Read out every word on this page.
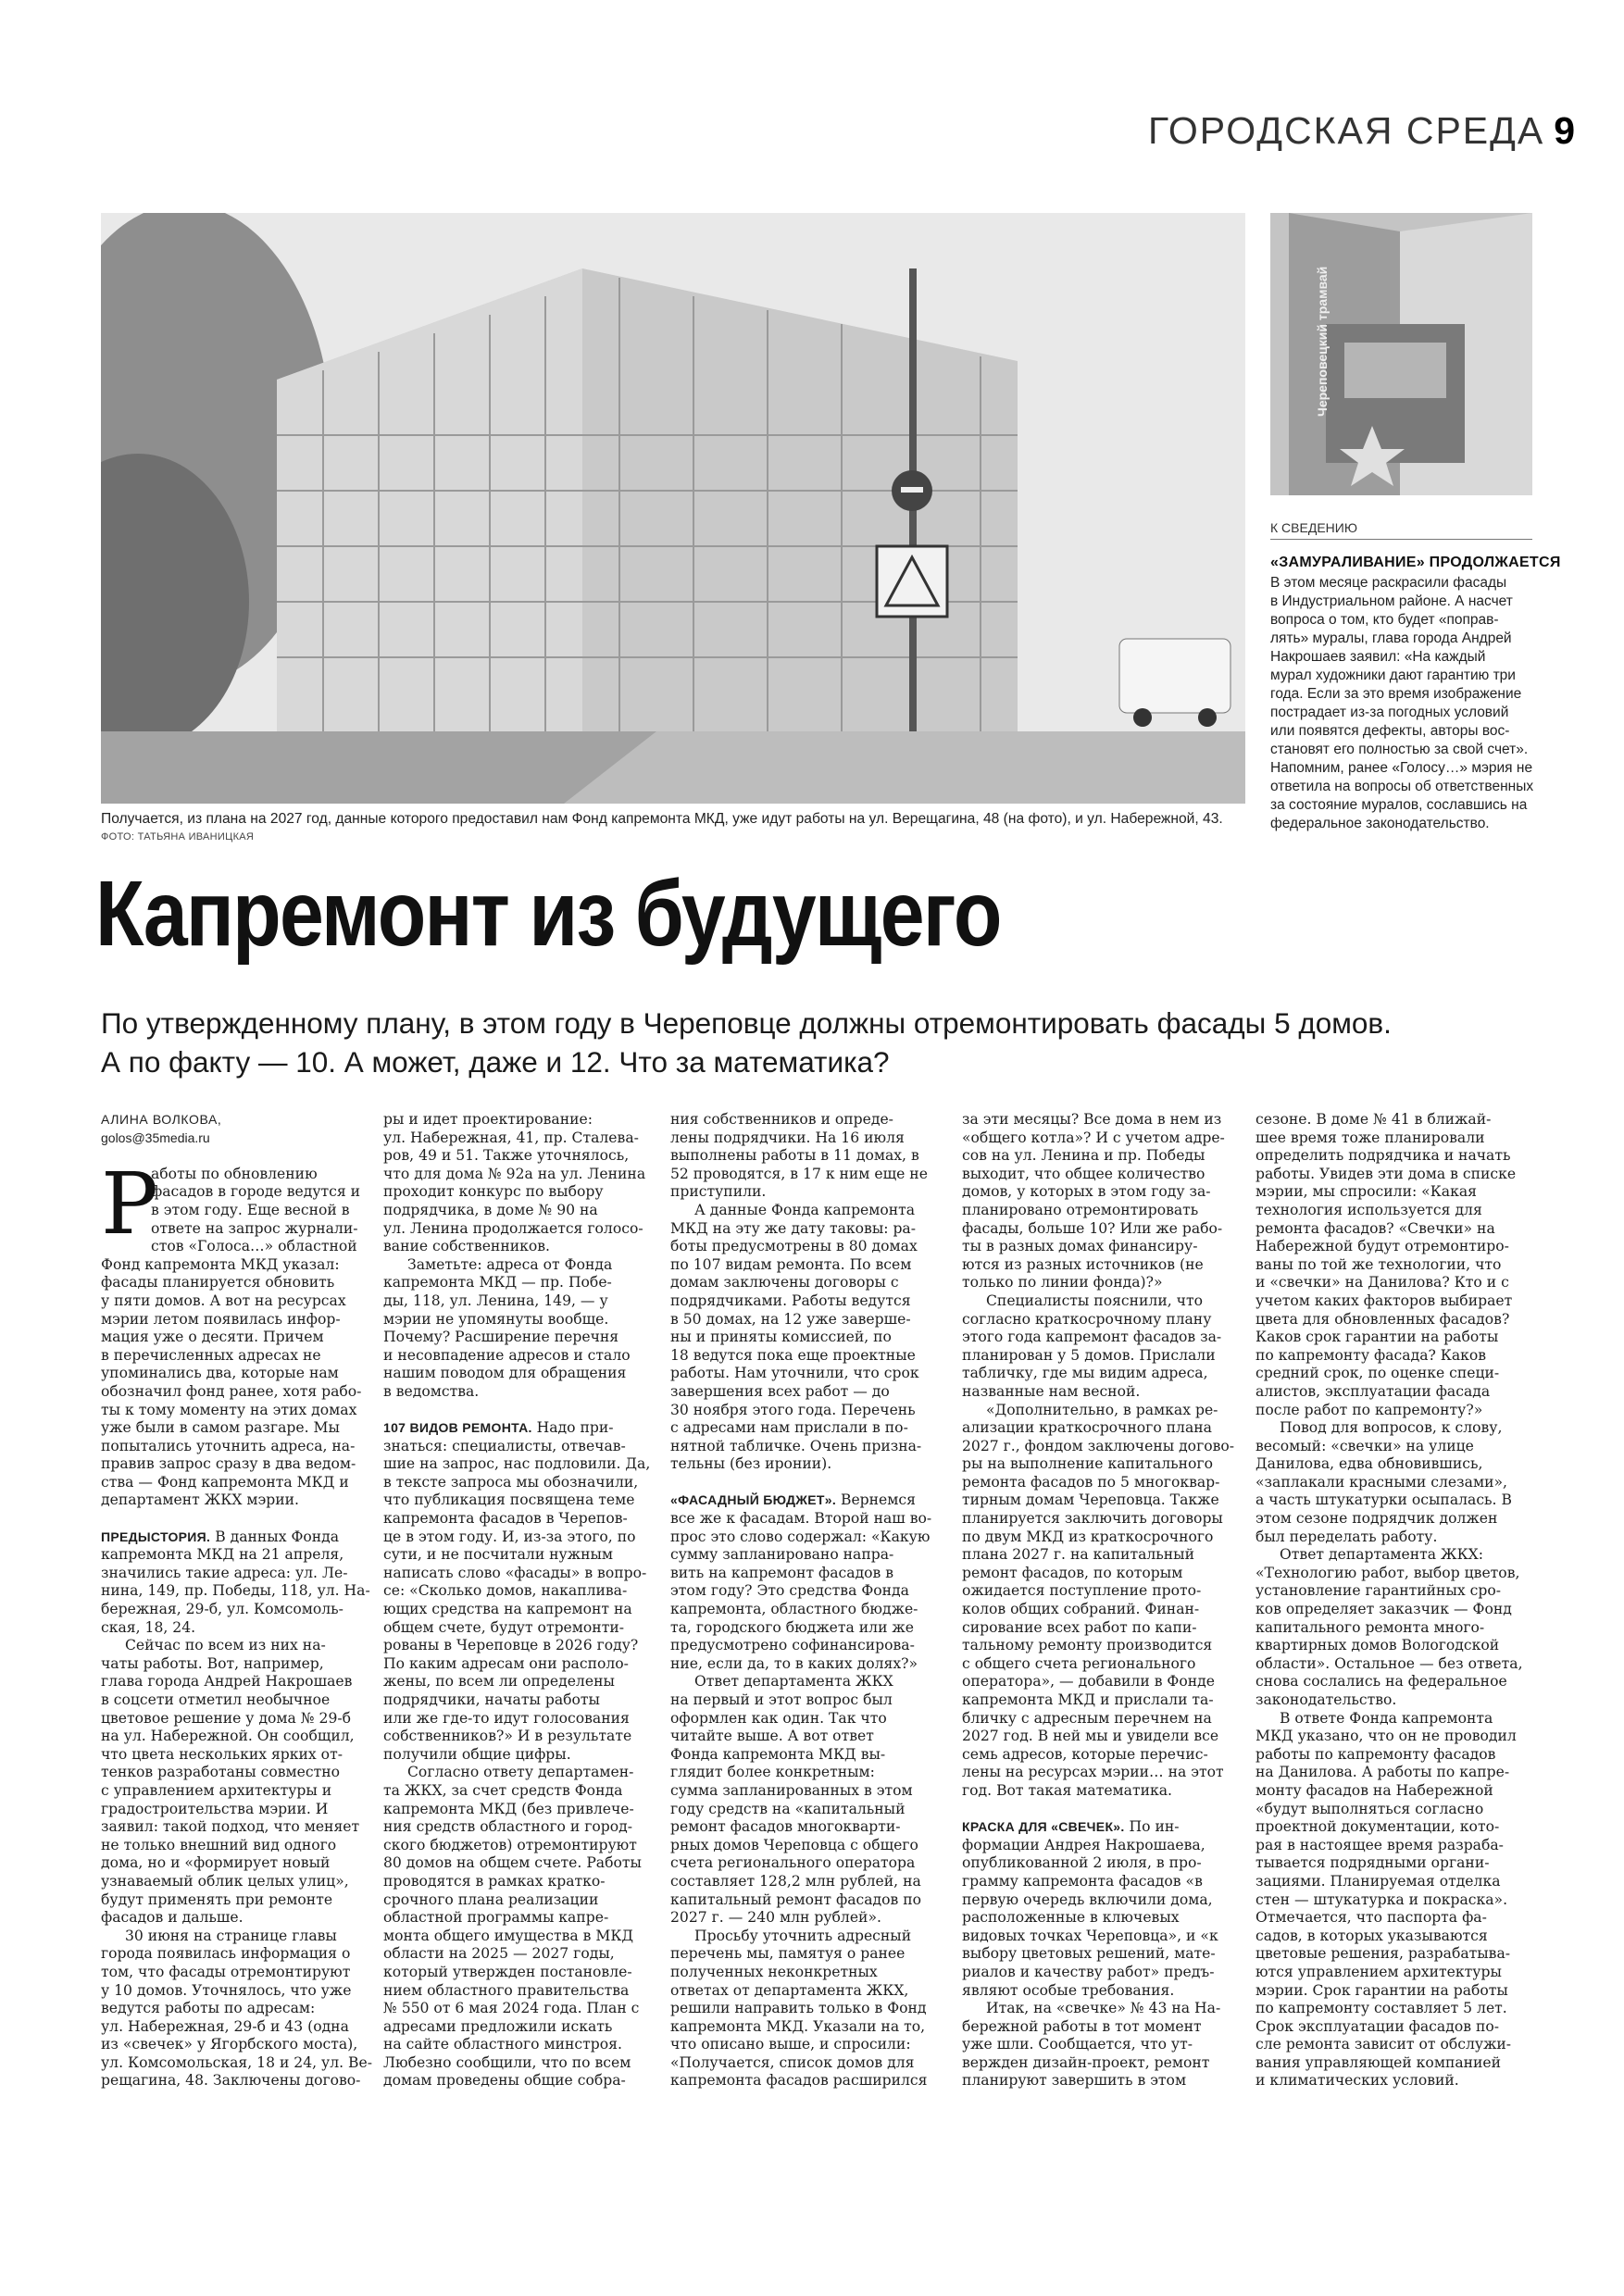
ГОРОДСКАЯ СРЕДА 9
Череповецкий трамвай
Получается, из плана на 2027 год, данные которого предоставил нам Фонд капремонта МКД, уже идут работы на ул. Верещагина, 48 (на фото), и ул. Набережной, 43.
ФОТО: ТАТЬЯНА ИВАНИЦКАЯ
К СВЕДЕНИЮ
«ЗАМУРАЛИВАНИЕ» ПРОДОЛЖАЕТСЯ
В этом месяце раскрасили фасады
в Индустриальном районе. А насчет
вопроса о том, кто будет «поправ-
лять» муралы, глава города Андрей
Накрошаев заявил: «На каждый
мурал художники дают гарантию три
года. Если за это время изображение
пострадает из-за погодных условий
или появятся дефекты, авторы вос-
становят его полностью за свой счет».
Напомним, ранее «Голосу…» мэрия не
ответила на вопросы об ответственных
за состояние муралов, сославшись на
федеральное законодательство.
Капремонт из будущего
По утвержденному плану, в этом году в Череповце должны отремонтировать фасады 5 домов.
А по факту — 10. А может, даже и 12. Что за математика?
АЛИНА ВОЛКОВА,
golos@35media.ru
Р
аботы по обновлению
фасадов в городе ведутся и
в этом году. Еще весной в
ответе на запрос журнали-
стов «Голоса…» областной
Фонд капремонта МКД указал:
фасады планируется обновить
у пяти домов. А вот на ресурсах
мэрии летом появилась инфор-
мация уже о десяти. Причем
в перечисленных адресах не
упоминались два, которые нам
обозначил фонд ранее, хотя рабо-
ты к тому моменту на этих домах
уже были в самом разгаре. Мы
попытались уточнить адреса, на-
правив запрос сразу в два ведом-
ства — Фонд капремонта МКД и
департамент ЖКХ мэрии.
ПРЕДЫСТОРИЯ. В данных Фонда
капремонта МКД на 21 апреля,
значились такие адреса: ул. Ле-
нина, 149, пр. Победы, 118, ул. На-
бережная, 29-б, ул. Комсомоль-
ская, 18, 24.
Сейчас по всем из них на-
чаты работы. Вот, например,
глава города Андрей Накрошаев
в соцсети отметил необычное
цветовое решение у дома № 29-б
на ул. Набережной. Он сообщил,
что цвета нескольких ярких от-
тенков разработаны совместно
с управлением архитектуры и
градостроительства мэрии. И
заявил: такой подход, что меняет
не только внешний вид одного
дома, но и «формирует новый
узнаваемый облик целых улиц»,
будут применять при ремонте
фасадов и дальше.
30 июня на странице главы
города появилась информация о
том, что фасады отремонтируют
у 10 домов. Уточнялось, что уже
ведутся работы по адресам:
ул. Набережная, 29-б и 43 (одна
из «свечек» у Ягорбского моста),
ул. Комсомольская, 18 и 24, ул. Ве-
рещагина, 48. Заключены догово-
ры и идет проектирование:
ул. Набережная, 41, пр. Сталева-
ров, 49 и 51. Также уточнялось,
что для дома № 92а на ул. Ленина
проходит конкурс по выбору
подрядчика, в доме № 90 на
ул. Ленина продолжается голосо-
вание собственников.
Заметьте: адреса от Фонда
капремонта МКД — пр. Побе-
ды, 118, ул. Ленина, 149, — у
мэрии не упомянуты вообще.
Почему? Расширение перечня
и несовпадение адресов и стало
нашим поводом для обращения
в ведомства.
107 ВИДОВ РЕМОНТА. Надо при-
знаться: специалисты, отвечав-
шие на запрос, нас подловили. Да,
в тексте запроса мы обозначили,
что публикация посвящена теме
капремонта фасадов в Черепов-
це в этом году. И, из-за этого, по
сути, и не посчитали нужным
написать слово «фасады» в вопро-
се: «Сколько домов, накаплива-
ющих средства на капремонт на
общем счете, будут отремонти-
рованы в Череповце в 2026 году?
По каким адресам они располо-
жены, по всем ли определены
подрядчики, начаты работы
или же где-то идут голосования
собственников?» И в результате
получили общие цифры.
Согласно ответу департамен-
та ЖКХ, за счет средств Фонда
капремонта МКД (без привлече-
ния средств областного и город-
ского бюджетов) отремонтируют
80 домов на общем счете. Работы
проводятся в рамках кратко-
срочного плана реализации
областной программы капре-
монта общего имущества в МКД
области на 2025 — 2027 годы,
который утвержден постановле-
нием областного правительства
№ 550 от 6 мая 2024 года. План с
адресами предложили искать
на сайте областного минстроя.
Любезно сообщили, что по всем
домам проведены общие собра-
ния собственников и опреде-
лены подрядчики. На 16 июля
выполнены работы в 11 домах, в
52 проводятся, в 17 к ним еще не
приступили.
А данные Фонда капремонта
МКД на эту же дату таковы: ра-
боты предусмотрены в 80 домах
по 107 видам ремонта. По всем
домам заключены договоры с
подрядчиками. Работы ведутся
в 50 домах, на 12 уже заверше-
ны и приняты комиссией, по
18 ведутся пока еще проектные
работы. Нам уточнили, что срок
завершения всех работ — до
30 ноября этого года. Перечень
с адресами нам прислали в по-
нятной табличке. Очень призна-
тельны (без иронии).
«ФАСАДНЫЙ БЮДЖЕТ». Вернемся
все же к фасадам. Второй наш во-
прос это слово содержал: «Какую
сумму запланировано напра-
вить на капремонт фасадов в
этом году? Это средства Фонда
капремонта, областного бюдже-
та, городского бюджета или же
предусмотрено софинансирова-
ние, если да, то в каких долях?»
Ответ департамента ЖКХ
на первый и этот вопрос был
оформлен как один. Так что
читайте выше. А вот ответ
Фонда капремонта МКД вы-
глядит более конкретным:
сумма запланированных в этом
году средств на «капитальный
ремонт фасадов многокварти-
рных домов Череповца с общего
счета регионального оператора
составляет 128,2 млн рублей, на
капитальный ремонт фасадов по
2027 г. — 240 млн рублей».
Просьбу уточнить адресный
перечень мы, памятуя о ранее
полученных неконкретных
ответах от департамента ЖКХ,
решили направить только в Фонд
капремонта МКД. Указали на то,
что описано выше, и спросили:
«Получается, список домов для
капремонта фасадов расширился
за эти месяцы? Все дома в нем из
«общего котла»? И с учетом адре-
сов на ул. Ленина и пр. Победы
выходит, что общее количество
домов, у которых в этом году за-
планировано отремонтировать
фасады, больше 10? Или же рабо-
ты в разных домах финансиру-
ются из разных источников (не
только по линии фонда)?»
Специалисты пояснили, что
согласно краткосрочному плану
этого года капремонт фасадов за-
планирован у 5 домов. Прислали
табличку, где мы видим адреса,
названные нам весной.
«Дополнительно, в рамках ре-
ализации краткосрочного плана
2027 г., фондом заключены догово-
ры на выполнение капитального
ремонта фасадов по 5 многоквар-
тирным домам Череповца. Также
планируется заключить договоры
по двум МКД из краткосрочного
плана 2027 г. на капитальный
ремонт фасадов, по которым
ожидается поступление прото-
колов общих собраний. Финан-
сирование всех работ по капи-
тальному ремонту производится
с общего счета регионального
оператора», — добавили в Фонде
капремонта МКД и прислали та-
бличку с адресным перечнем на
2027 год. В ней мы и увидели все
семь адресов, которые перечис-
лены на ресурсах мэрии… на этот
год. Вот такая математика.
КРАСКА ДЛЯ «СВЕЧЕК». По ин-
формации Андрея Накрошаева,
опубликованной 2 июля, в про-
грамму капремонта фасадов «в
первую очередь включили дома,
расположенные в ключевых
видовых точках Череповца», и «к
выбору цветовых решений, мате-
риалов и качеству работ» предъ-
являют особые требования.
Итак, на «свечке» № 43 на На-
бережной работы в тот момент
уже шли. Сообщается, что ут-
вержден дизайн-проект, ремонт
планируют завершить в этом
сезоне. В доме № 41 в ближай-
шее время тоже планировали
определить подрядчика и начать
работы. Увидев эти дома в списке
мэрии, мы спросили: «Какая
технология используется для
ремонта фасадов? «Свечки» на
Набережной будут отремонтиро-
ваны по той же технологии, что
и «свечки» на Данилова? Кто и с
учетом каких факторов выбирает
цвета для обновленных фасадов?
Каков срок гарантии на работы
по капремонту фасада? Каков
средний срок, по оценке специ-
алистов, эксплуатации фасада
после работ по капремонту?»
Повод для вопросов, к слову,
весомый: «свечки» на улице
Данилова, едва обновившись,
«заплакали красными слезами»,
а часть штукатурки осыпалась. В
этом сезоне подрядчик должен
был переделать работу.
Ответ департамента ЖКХ:
«Технологию работ, выбор цветов,
установление гарантийных сро-
ков определяет заказчик — Фонд
капитального ремонта много-
квартирных домов Вологодской
области». Остальное — без ответа,
снова сослались на федеральное
законодательство.
В ответе Фонда капремонта
МКД указано, что он не проводил
работы по капремонту фасадов
на Данилова. А работы по капре-
монту фасадов на Набережной
«будут выполняться согласно
проектной документации, кото-
рая в настоящее время разраба-
тывается подрядными органи-
зациями. Планируемая отделка
стен — штукатурка и покраска».
Отмечается, что паспорта фа-
садов, в которых указываются
цветовые решения, разрабатыва-
ются управлением архитектуры
мэрии. Срок гарантии на работы
по капремонту составляет 5 лет.
Срок эксплуатации фасадов по-
сле ремонта зависит от обслужи-
вания управляющей компанией
и климатических условий.
